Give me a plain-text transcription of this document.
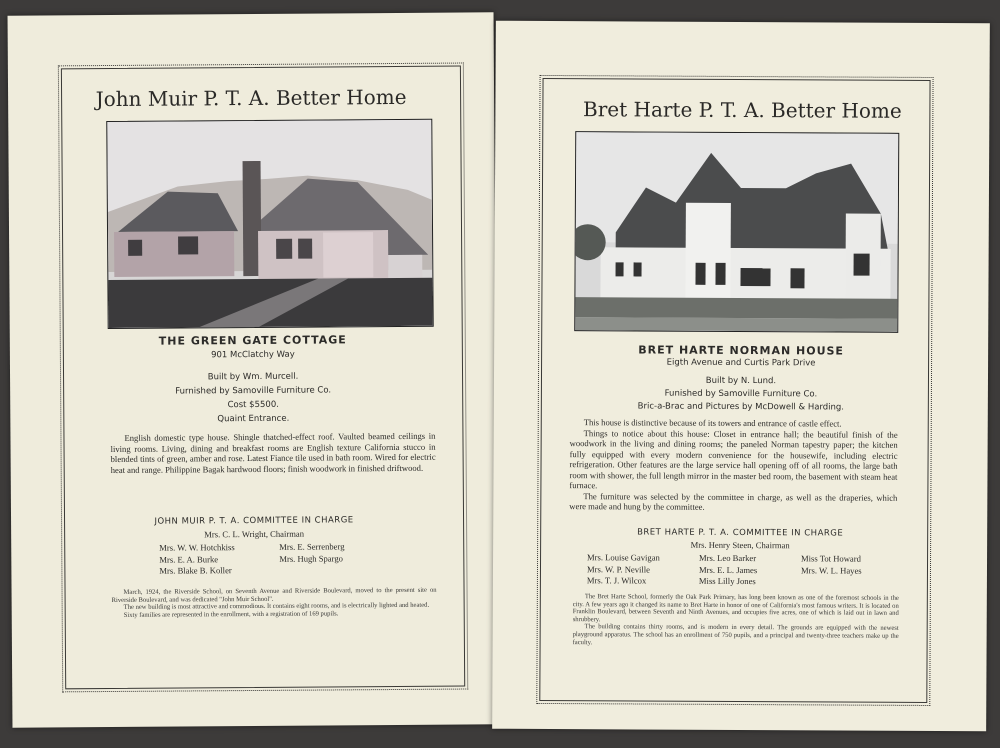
John Muir P. T. A. Better Home
THE GREEN GATE COTTAGE
901 McClatchy Way
Built by Wm. Murcell.
Furnished by Samoville Furniture Co.
Cost $5500.
Quaint Entrance.

English domestic type house. Shingle thatched-effect roof. Vaulted beamed ceilings in living rooms. Living, dining and breakfast rooms are English texture California stucco in blended tints of green, amber and rose. Latest Fiance tile used in bath room. Wired for electric heat and range. Philippine Bagak hardwood floors; finish woodwork in finished driftwood.

JOHN MUIR P. T. A. COMMITTEE IN CHARGE
Mrs. C. L. Wright, Chairman
Mrs. W. W. Hotchkiss
Mrs. E. A. Burke
Mrs. Blake B. Koller
Mrs. E. Serrenberg
Mrs. Hugh Spargo

March, 1924, the Riverside School, on Seventh Avenue and Riverside Boulevard, moved to the present site on Riverside Boulevard, and was dedicated "John Muir School".

The new building is most attractive and commodious. It contains eight rooms, and is electrically lighted and heated.

Sixty families are represented in the enrollment, with a registration of 169 pupils.

Bret Harte P. T. A. Better Home
BRET HARTE NORMAN HOUSE
Eigth Avenue and Curtis Park Drive
Built by N. Lund.
Funished by Samoville Furniture Co.
Bric-a-Brac and Pictures by McDowell & Harding.

This house is distinctive because of its towers and entrance of castle effect.

Things to notice about this house: Closet in entrance hall; the beautiful finish of the woodwork in the living and dining rooms; the paneled Norman tapestry paper; the kitchen fully equipped with every modern convenience for the housewife, including electric refrigeration. Other features are the large service hall opening off of all rooms, the large bath room with shower, the full length mirror in the master bed room, the basement with steam heat furnace.

The furniture was selected by the committee in charge, as well as the draperies, which were made and hung by the committee.

BRET HARTE P. T. A. COMMITTEE IN CHARGE
Mrs. Henry Steen, Chairman
Mrs. Louise Gavigan
Mrs. W. P. Neville
Mrs. T. J. Wilcox
Mrs. Leo Barker
Mrs. E. L. James
Miss Lilly Jones
Miss Tot Howard
Mrs. W. L. Hayes

The Bret Harte School, formerly the Oak Park Primary, has long been known as one of the foremost schools in the city. A few years ago it changed its name to Bret Harte in honor of one of California's most famous writers. It is located on Franklin Boulevard, between Seventh and Ninth Avenues, and occupies five acres, one of which is laid out in lawn and shrubbery.

The building contains thirty rooms, and is modern in every detail. The grounds are equipped with the newest playground apparatus. The school has an enrollment of 750 pupils, and a principal and twenty-three teachers make up the faculty.
